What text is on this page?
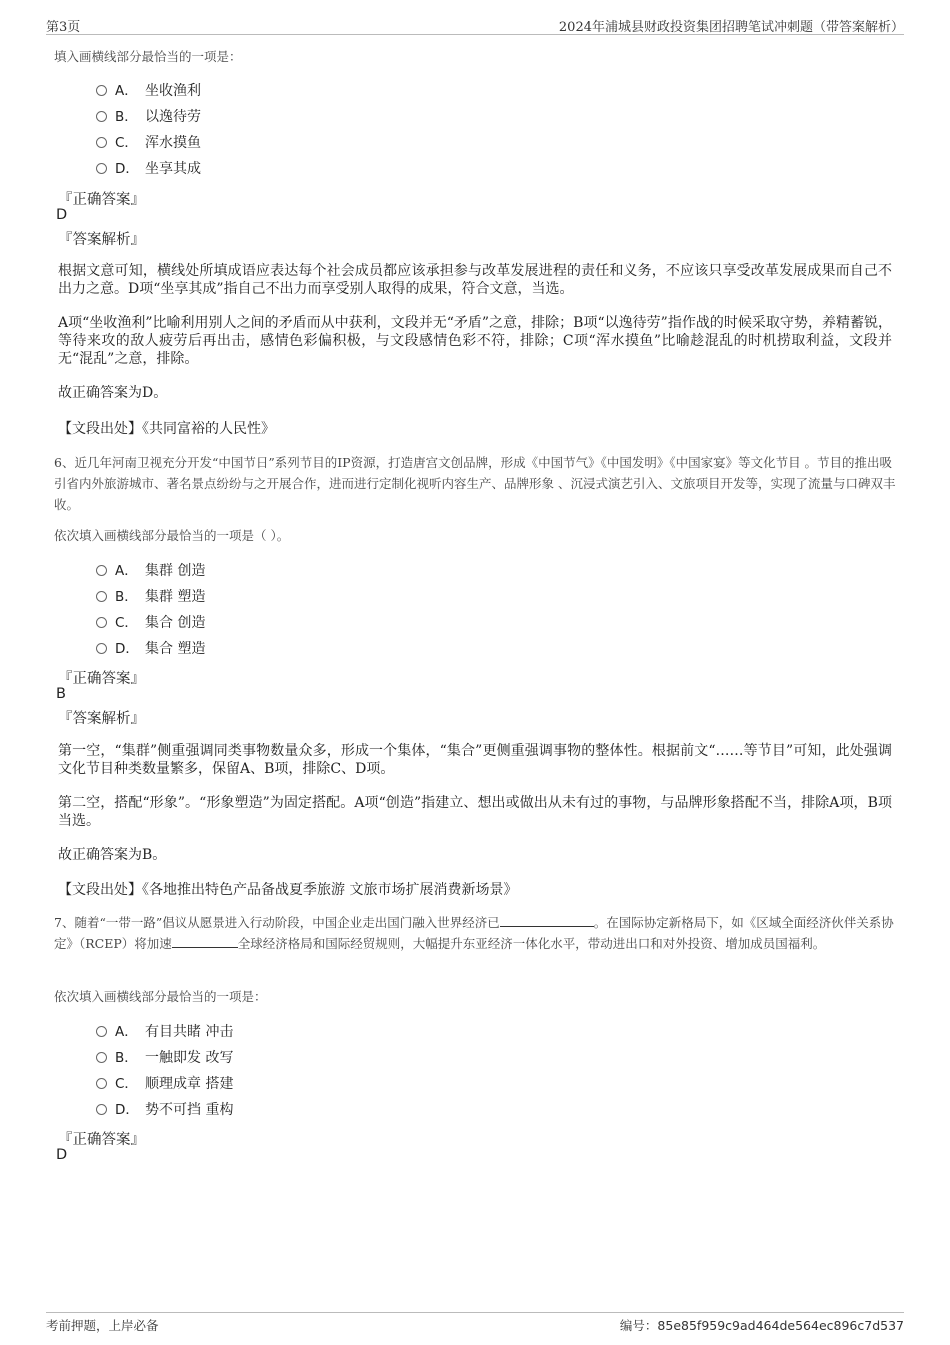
第3页	2024年浦城县财政投资集团招聘笔试冲刺题（带答案解析）
填入画横线部分最恰当的一项是：
A． 坐收渔利
B． 以逸待劳
C． 浑水摸鱼
D． 坐享其成
『正确答案』
D
『答案解析』
根据文意可知，横线处所填成语应表达每个社会成员都应该承担参与改革发展进程的责任和义务，不应该只享受改革发展成果而自己不出力之意。D项“坐享其成”指自己不出力而享受别人取得的成果，符合文意，当选。
A项“坐收渔利”比喻利用别人之间的矛盾而从中获利，文段并无“矛盾”之意，排除；B项“以逸待劳”指作战的时候采取守势，养精蓄锐，等待来攻的敌人疲劳后再出击，感情色彩偏积极，与文段感情色彩不符，排除；C项“浑水摸鱼”比喻趁混乱的时机捞取利益，文段并无“混乱”之意，排除。
故正确答案为D。
【文段出处】《共同富裕的人民性》
6、近几年河南卫视充分开发“中国节日”系列节目的IP资源，打造唐宫文创品牌，形成《中国节气》《中国发明》《中国家宴》等文化节目 。节目的推出吸引省内外旅游城市、著名景点纷纷与之开展合作，进而进行定制化视听内容生产、品牌形象 、沉浸式演艺引入、文旅项目开发等，实现了流量与口碑双丰收。
依次填入画横线部分最恰当的一项是（ ）。
A． 集群 创造
B． 集群 塑造
C． 集合 创造
D． 集合 塑造
『正确答案』
B
『答案解析』
第一空，“集群”侧重强调同类事物数量众多，形成一个集体，“集合”更侧重强调事物的整体性。根据前文“……等节目”可知，此处强调文化节目种类数量繁多，保留A、B项，排除C、D项。
第二空，搭配“形象”。“形象塑造”为固定搭配。A项“创造”指建立、想出或做出从未有过的事物，与品牌形象搭配不当，排除A项，B项当选。
故正确答案为B。
【文段出处】《各地推出特色产品备战夏季旅游 文旅市场扩展消费新场景》
7、随着“一带一路”倡议从愿景进入行动阶段，中国企业走出国门融入世界经济已	。在国际协定新格局下，如《区域全面经济伙伴关系协定》（RCEP）将加速	全球经济格局和国际经贸规则，大幅提升东亚经济一体化水平，带动进出口和对外投资、增加成员国福利。
依次填入画横线部分最恰当的一项是：
A． 有目共睹 冲击
B． 一触即发 改写
C． 顺理成章 搭建
D． 势不可挡 重构
『正确答案』
D
考前押题，上岸必备	编号：85e85f959c9ad464de564ec896c7d537
